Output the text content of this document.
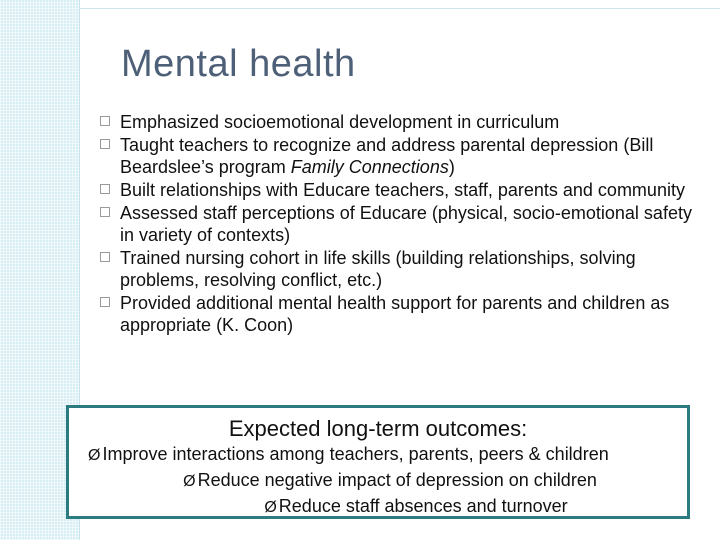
Mental health
Emphasized socioemotional development in curriculum
Taught teachers to recognize and address parental depression (Bill Beardslee’s program Family Connections)
Built relationships with Educare teachers, staff, parents and community
Assessed staff perceptions of Educare (physical, socio-emotional safety in variety of contexts)
Trained nursing cohort in life skills (building relationships, solving problems, resolving conflict, etc.)
Provided additional mental health support for parents and children as appropriate (K. Coon)
Expected long-term outcomes:
Ø Improve interactions among teachers, parents, peers & children
Ø Reduce negative impact of depression on children
Ø Reduce staff absences and turnover
